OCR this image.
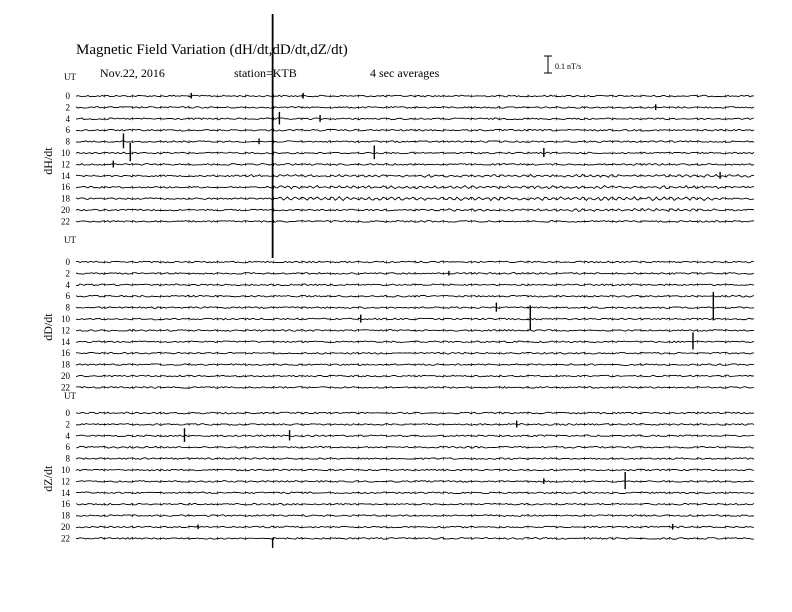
Magnetic Field Variation (dH/dt,dD/dt,dZ/dt)
Nov.22, 2016	station=KTB	4 sec averages	0.1 nT/s
UT
dH/dt
0
2
4
6
8
10
12
14
16
18
20
22
UT
dD/dt
0
2
4
6
8
10
12
14
16
18
20
22
UT
dZ/dt
0
2
4
6
8
10
12
14
16
18
20
22
